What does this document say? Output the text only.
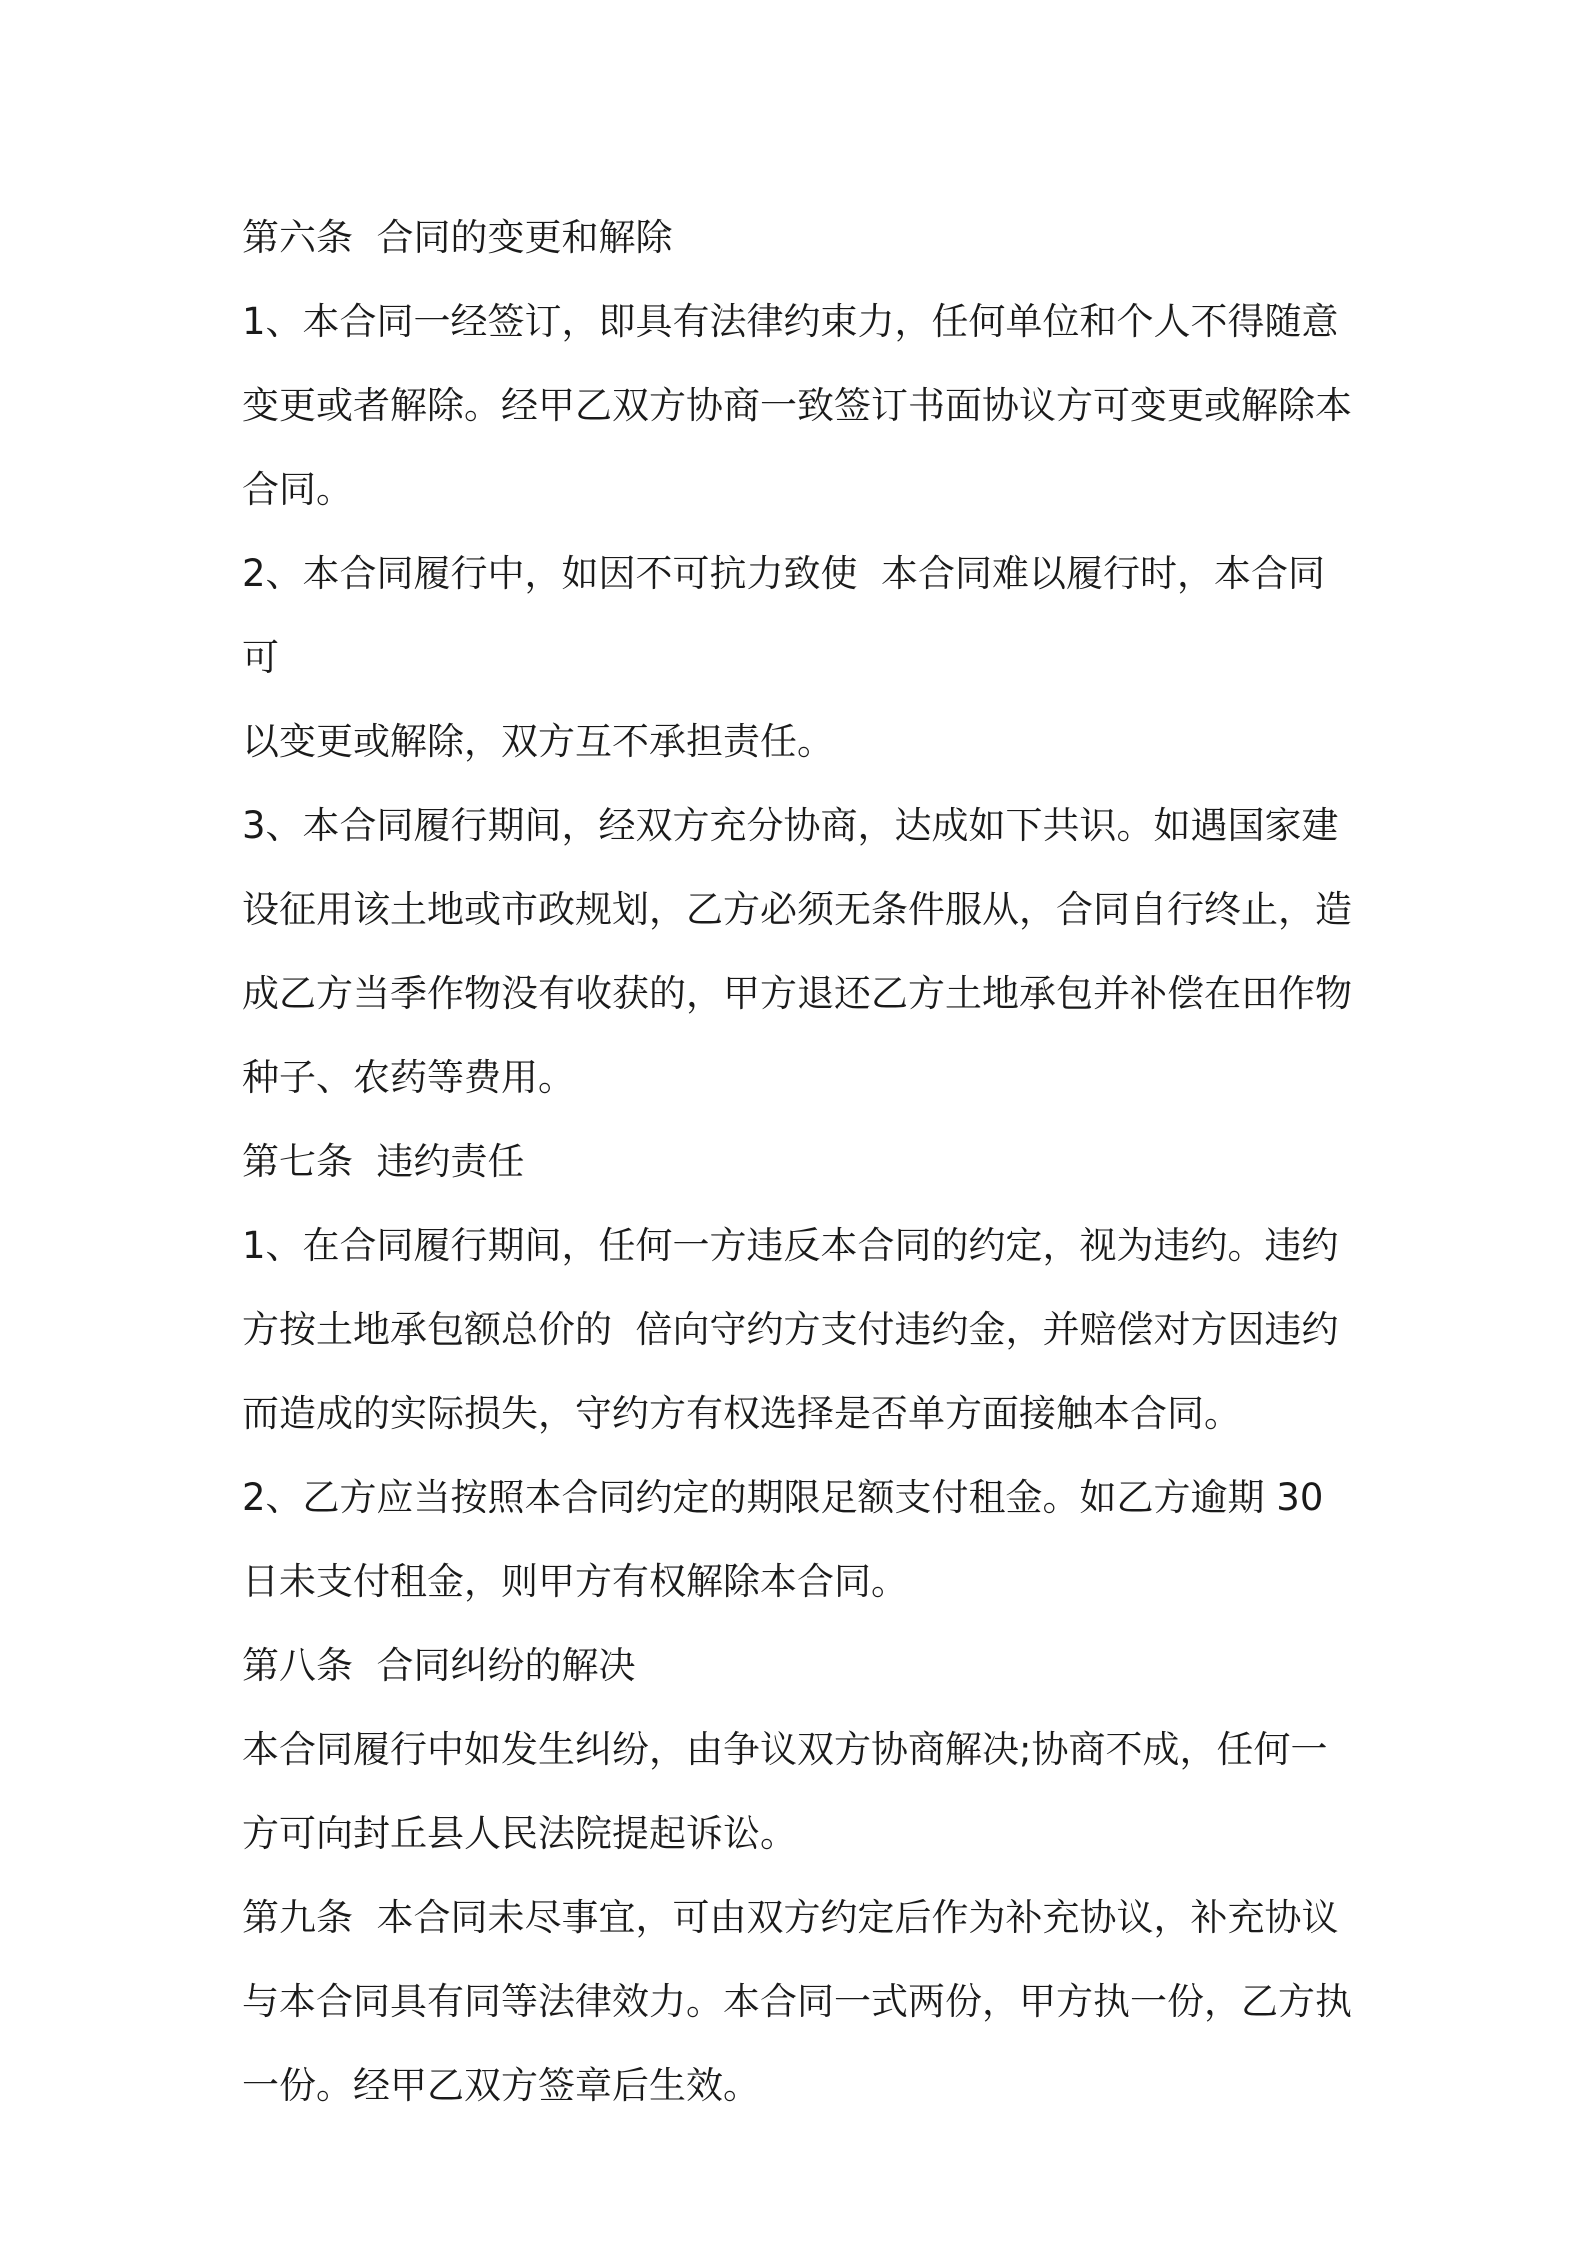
第六条  合同的变更和解除

1、本合同一经签订，即具有法律约束力，任何单位和个人不得随意

变更或者解除。经甲乙双方协商一致签订书面协议方可变更或解除本

合同。

2、本合同履行中，如因不可抗力致使  本合同难以履行时，本合同可

以变更或解除，双方互不承担责任。

3、本合同履行期间，经双方充分协商，达成如下共识。如遇国家建

设征用该土地或市政规划，乙方必须无条件服从，合同自行终止，造

成乙方当季作物没有收获的，甲方退还乙方土地承包并补偿在田作物

种子、农药等费用。

第七条  违约责任

1、在合同履行期间，任何一方违反本合同的约定，视为违约。违约

方按土地承包额总价的  倍向守约方支付违约金，并赔偿对方因违约

而造成的实际损失，守约方有权选择是否单方面接触本合同。

2、乙方应当按照本合同约定的期限足额支付租金。如乙方逾期 30

日未支付租金，则甲方有权解除本合同。

第八条  合同纠纷的解决

本合同履行中如发生纠纷，由争议双方协商解决;协商不成，任何一

方可向封丘县人民法院提起诉讼。

第九条  本合同未尽事宜，可由双方约定后作为补充协议，补充协议

与本合同具有同等法律效力。本合同一式两份，甲方执一份，乙方执

一份。经甲乙双方签章后生效。
